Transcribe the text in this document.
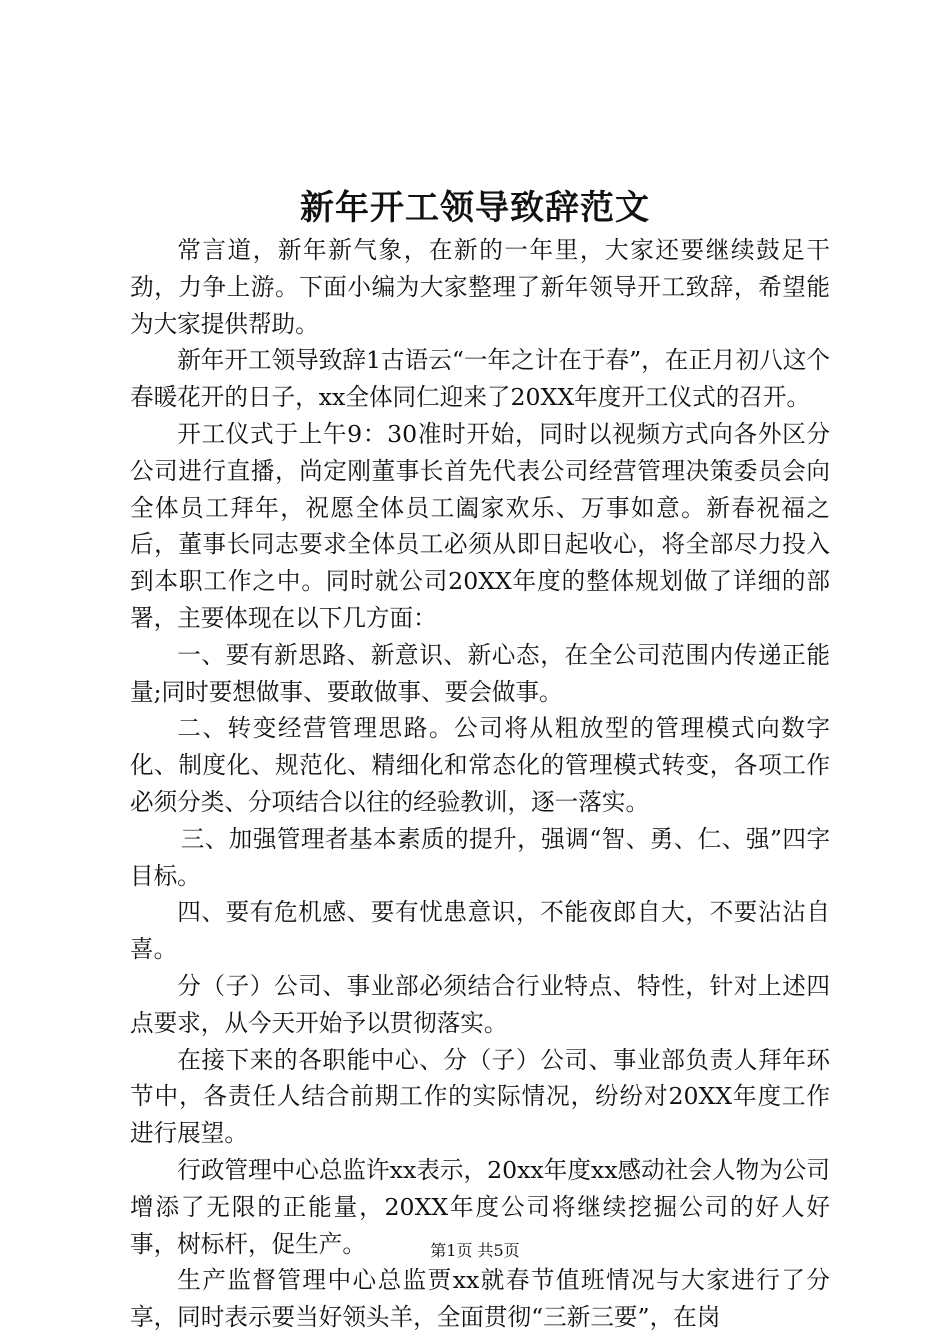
新年开工领导致辞范文

常言道，新年新气象，在新的一年里，大家还要继续鼓足干劲，力争上游。下面小编为大家整理了新年领导开工致辞，希望能为大家提供帮助。

新年开工领导致辞1古语云“一年之计在于春”，在正月初八这个春暖花开的日子，xx全体同仁迎来了20XX年度开工仪式的召开。

开工仪式于上午9：30准时开始，同时以视频方式向各外区分公司进行直播，尚定刚董事长首先代表公司经营管理决策委员会向全体员工拜年，祝愿全体员工阖家欢乐、万事如意。新春祝福之后，董事长同志要求全体员工必须从即日起收心，将全部尽力投入到本职工作之中。同时就公司20XX年度的整体规划做了详细的部署，主要体现在以下几方面：

一、要有新思路、新意识、新心态，在全公司范围内传递正能量;同时要想做事、要敢做事、要会做事。

二、转变经营管理思路。公司将从粗放型的管理模式向数字化、制度化、规范化、精细化和常态化的管理模式转变，各项工作必须分类、分项结合以往的经验教训，逐一落实。

三、加强管理者基本素质的提升，强调“智、勇、仁、强”四字目标。

四、要有危机感、要有忧患意识，不能夜郎自大，不要沾沾自喜。

分（子）公司、事业部必须结合行业特点、特性，针对上述四点要求，从今天开始予以贯彻落实。

在接下来的各职能中心、分（子）公司、事业部负责人拜年环节中，各责任人结合前期工作的实际情况，纷纷对20XX年度工作进行展望。

行政管理中心总监许xx表示，20xx年度xx感动社会人物为公司增添了无限的正能量，20XX年度公司将继续挖掘公司的好人好事，树标杆，促生产。

生产监督管理中心总监贾xx就春节值班情况与大家进行了分享，同时表示要当好领头羊，全面贯彻“三新三要”，在岗

第1页 共5页
